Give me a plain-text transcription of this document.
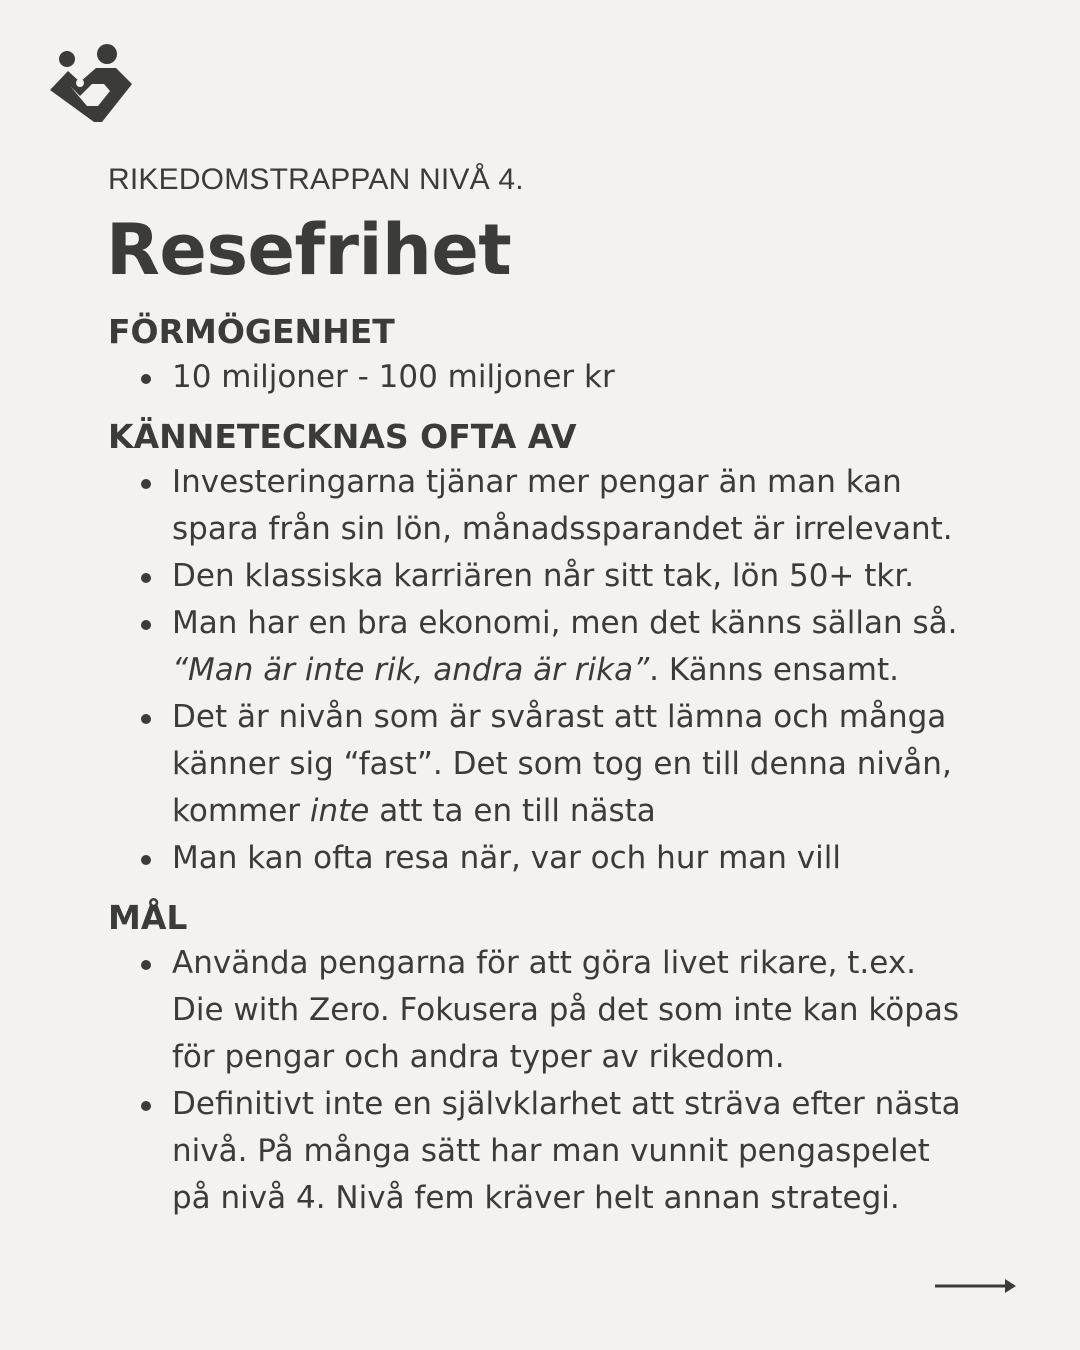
RIKEDOMSTRAPPAN NIVÅ 4.

Resefrihet
FÖRMÖGENHET
10 miljoner - 100 miljoner kr
KÄNNETECKNAS OFTA AV
Investeringarna tjänar mer pengar än man kan
spara från sin lön, månadssparandet är irrelevant.
Den klassiska karriären når sitt tak, lön 50+ tkr.
Man har en bra ekonomi, men det känns sällan så.
“Man är inte rik, andra är rika”. Känns ensamt.
Det är nivån som är svårast att lämna och många
känner sig “fast”. Det som tog en till denna nivån,
kommer inte att ta en till nästa
Man kan ofta resa när, var och hur man vill
MÅL
Använda pengarna för att göra livet rikare, t.ex.
Die with Zero. Fokusera på det som inte kan köpas
för pengar och andra typer av rikedom.
Definitivt inte en självklarhet att sträva efter nästa
nivå. På många sätt har man vunnit pengaspelet
på nivå 4. Nivå fem kräver helt annan strategi.
